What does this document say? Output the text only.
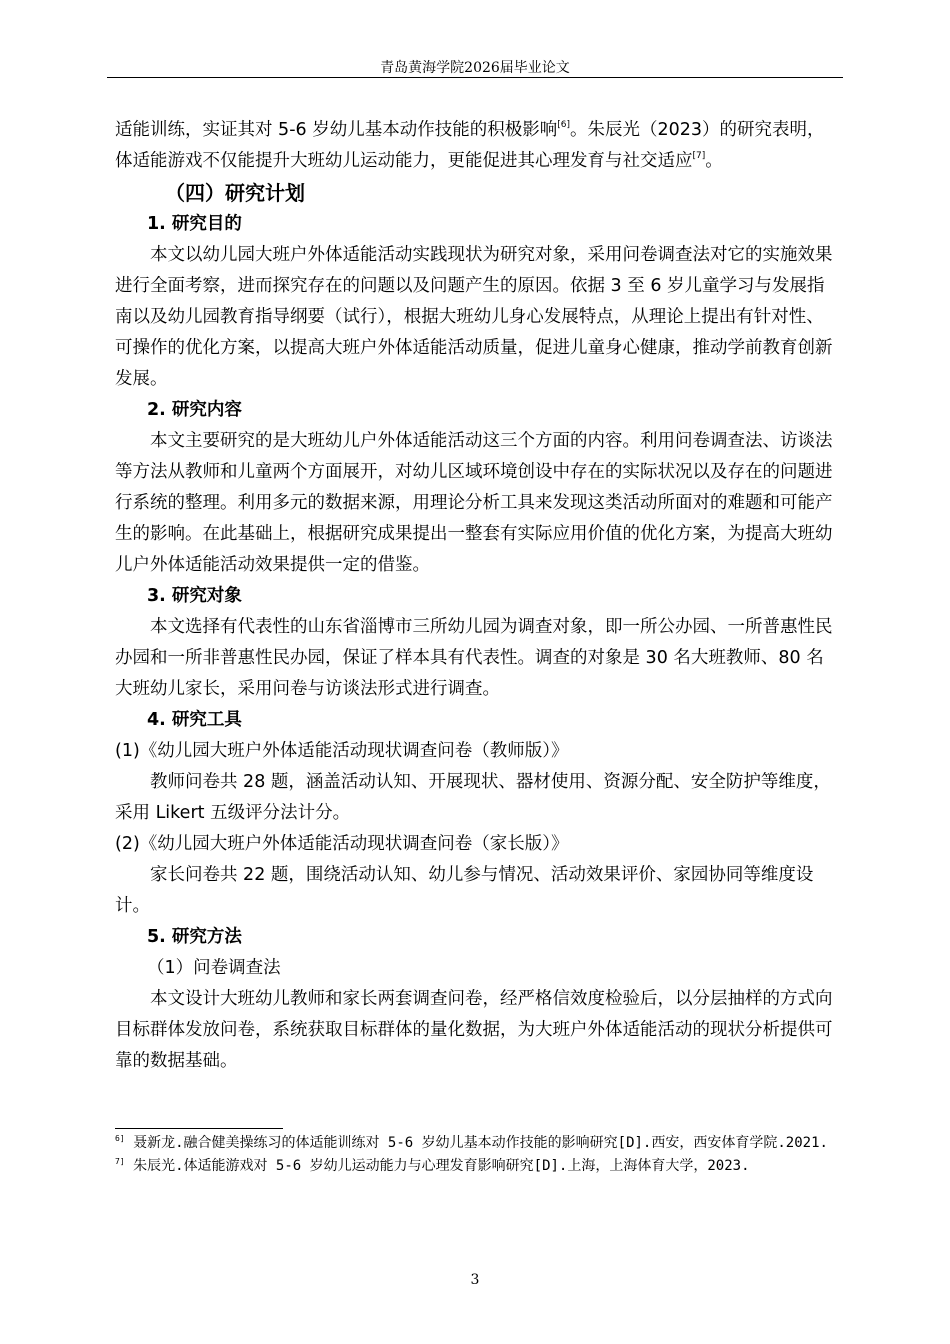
青岛黄海学院2026届毕业论文

适能训练，实证其对 5-6 岁幼儿基本动作技能的积极影响[6]。朱辰光（2023）的研究表明，体适能游戏不仅能提升大班幼儿运动能力，更能促进其心理发育与社交适应[7]。

（四）研究计划

1. 研究目的

本文以幼儿园大班户外体适能活动实践现状为研究对象，采用问卷调查法对它的实施效果进行全面考察，进而探究存在的问题以及问题产生的原因。依据 3 至 6 岁儿童学习与发展指南以及幼儿园教育指导纲要（试行），根据大班幼儿身心发展特点，从理论上提出有针对性、可操作的优化方案，以提高大班户外体适能活动质量，促进儿童身心健康，推动学前教育创新发展。

2. 研究内容

本文主要研究的是大班幼儿户外体适能活动这三个方面的内容。利用问卷调查法、访谈法等方法从教师和儿童两个方面展开，对幼儿区域环境创设中存在的实际状况以及存在的问题进行系统的整理。利用多元的数据来源，用理论分析工具来发现这类活动所面对的难题和可能产生的影响。在此基础上，根据研究成果提出一整套有实际应用价值的优化方案，为提高大班幼儿户外体适能活动效果提供一定的借鉴。

3. 研究对象

本文选择有代表性的山东省淄博市三所幼儿园为调查对象，即一所公办园、一所普惠性民办园和一所非普惠性民办园，保证了样本具有代表性。调查的对象是 30 名大班教师、80 名大班幼儿家长，采用问卷与访谈法形式进行调查。

4. 研究工具

(1)《幼儿园大班户外体适能活动现状调查问卷（教师版）》

教师问卷共 28 题，涵盖活动认知、开展现状、器材使用、资源分配、安全防护等维度，采用 Likert 五级评分法计分。

(2)《幼儿园大班户外体适能活动现状调查问卷（家长版）》

家长问卷共 22 题，围绕活动认知、幼儿参与情况、活动效果评价、家园协同等维度设计。

5. 研究方法

（1）问卷调查法

本文设计大班幼儿教师和家长两套调查问卷，经严格信效度检验后，以分层抽样的方式向目标群体发放问卷，系统获取目标群体的量化数据，为大班户外体适能活动的现状分析提供可靠的数据基础。

$^{6]}$ 聂新龙.融合健美操练习的体适能训练对 5-6 岁幼儿基本动作技能的影响研究[D].西安，西安体育学院.2021.

$^{7]}$ 朱辰光.体适能游戏对 5-6 岁幼儿运动能力与心理发育影响研究[D].上海，上海体育大学，2023.

3
